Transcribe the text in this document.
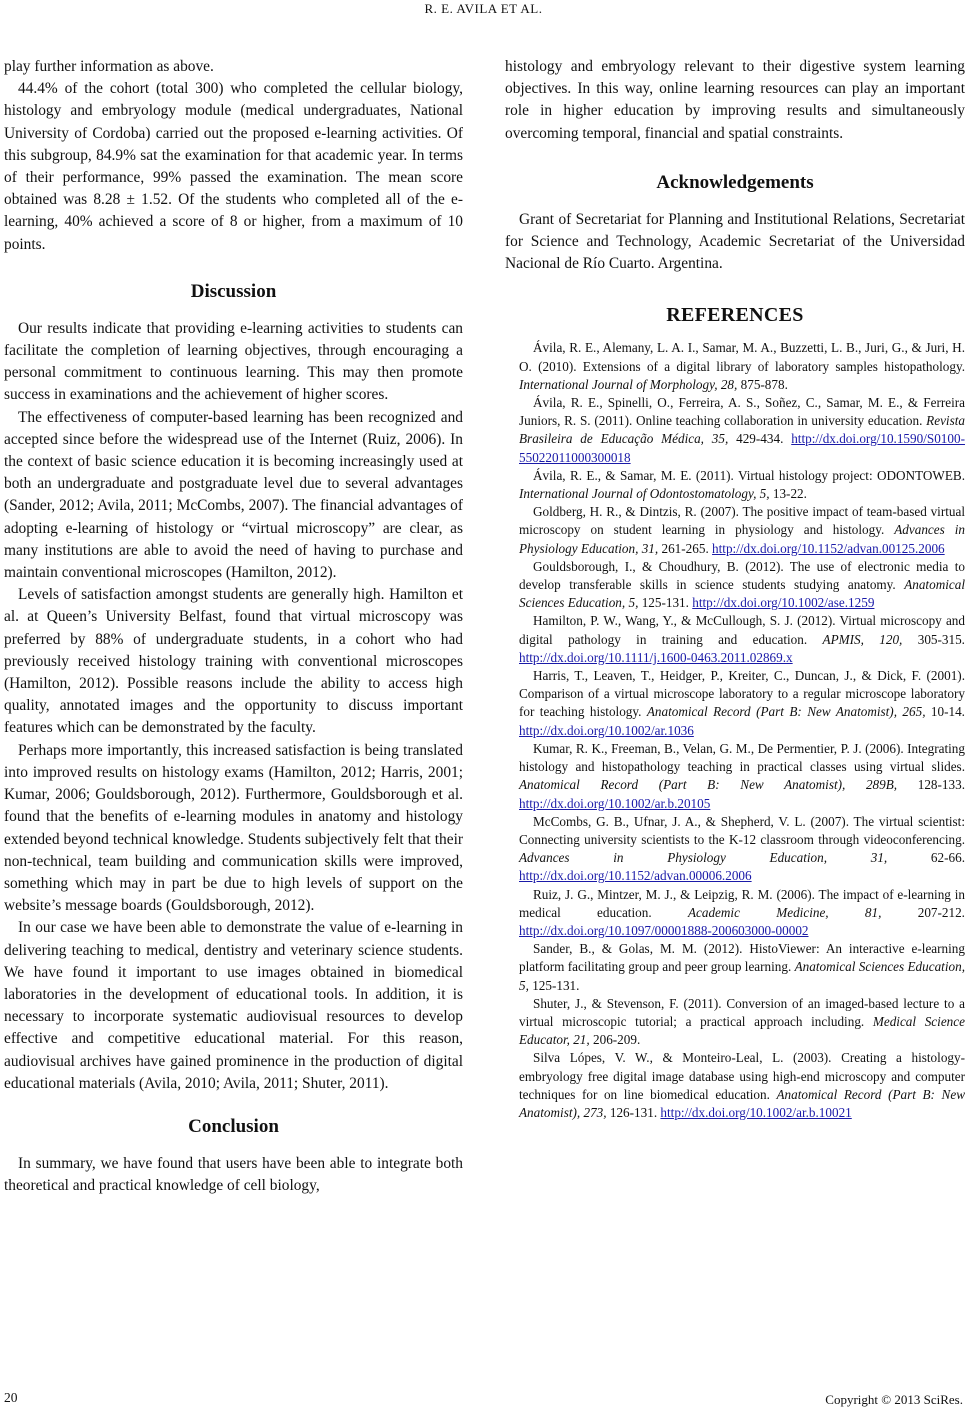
R. E. AVILA ET AL.

play further information as above.

44.4% of the cohort (total 300) who completed the cellular biology, histology and embryology module (medical undergraduates, National University of Cordoba) carried out the proposed e-learning activities. Of this subgroup, 84.9% sat the examination for that academic year. In terms of their performance, 99% passed the examination. The mean score obtained was 8.28 ± 1.52. Of the students who completed all of the e-learning, 40% achieved a score of 8 or higher, from a maximum of 10 points.

Discussion

Our results indicate that providing e-learning activities to students can facilitate the completion of learning objectives, through encouraging a personal commitment to continuous learning. This may then promote success in examinations and the achievement of higher scores.

The effectiveness of computer-based learning has been recognized and accepted since before the widespread use of the Internet (Ruiz, 2006). In the context of basic science education it is becoming increasingly used at both an undergraduate and postgraduate level due to several advantages (Sander, 2012; Avila, 2011; McCombs, 2007). The financial advantages of adopting e-learning of histology or “virtual microscopy” are clear, as many institutions are able to avoid the need of having to purchase and maintain conventional microscopes (Hamilton, 2012).

Levels of satisfaction amongst students are generally high. Hamilton et al. at Queen’s University Belfast, found that virtual microscopy was preferred by 88% of undergraduate students, in a cohort who had previously received histology training with conventional microscopes (Hamilton, 2012). Possible reasons include the ability to access high quality, annotated images and the opportunity to discuss important features which can be demonstrated by the faculty.

Perhaps more importantly, this increased satisfaction is being translated into improved results on histology exams (Hamilton, 2012; Harris, 2001; Kumar, 2006; Gouldsborough, 2012). Furthermore, Gouldsborough et al. found that the benefits of e-learning modules in anatomy and histology extended beyond technical knowledge. Students subjectively felt that their non-technical, team building and communication skills were improved, something which may in part be due to high levels of support on the website’s message boards (Gouldsborough, 2012).

In our case we have been able to demonstrate the value of e-learning in delivering teaching to medical, dentistry and veterinary science students. We have found it important to use images obtained in biomedical laboratories in the development of educational tools. In addition, it is necessary to incorporate systematic audiovisual resources to develop effective and competitive educational material. For this reason, audiovisual archives have gained prominence in the production of digital educational materials (Avila, 2010; Avila, 2011; Shuter, 2011).

Conclusion

In summary, we have found that users have been able to integrate both theoretical and practical knowledge of cell biology,

histology and embryology relevant to their digestive system learning objectives. In this way, online learning resources can play an important role in higher education by improving results and simultaneously overcoming temporal, financial and spatial constraints.

Acknowledgements

Grant of Secretariat for Planning and Institutional Relations, Secretariat for Science and Technology, Academic Secretariat of the Universidad Nacional de Río Cuarto. Argentina.

REFERENCES

Ávila, R. E., Alemany, L. A. I., Samar, M. A., Buzzetti, L. B., Juri, G., & Juri, H. O. (2010). Extensions of a digital library of laboratory samples histopathology. International Journal of Morphology, 28, 875-878.

Ávila, R. E., Spinelli, O., Ferreira, A. S., Soñez, C., Samar, M. E., & Ferreira Juniors, R. S. (2011). Online teaching collaboration in university education. Revista Brasileira de Educação Médica, 35, 429-434. http://dx.doi.org/10.1590/S0100-55022011000300018

Ávila, R. E., & Samar, M. E. (2011). Virtual histology project: ODONTOWEB. International Journal of Odontostomatology, 5, 13-22.

Goldberg, H. R., & Dintzis, R. (2007). The positive impact of team-based virtual microscopy on student learning in physiology and histology. Advances in Physiology Education, 31, 261-265. http://dx.doi.org/10.1152/advan.00125.2006

Gouldsborough, I., & Choudhury, B. (2012). The use of electronic media to develop transferable skills in science students studying anatomy. Anatomical Sciences Education, 5, 125-131. http://dx.doi.org/10.1002/ase.1259

Hamilton, P. W., Wang, Y., & McCullough, S. J. (2012). Virtual microscopy and digital pathology in training and education. APMIS, 120, 305-315. http://dx.doi.org/10.1111/j.1600-0463.2011.02869.x

Harris, T., Leaven, T., Heidger, P., Kreiter, C., Duncan, J., & Dick, F. (2001). Comparison of a virtual microscope laboratory to a regular microscope laboratory for teaching histology. Anatomical Record (Part B: New Anatomist), 265, 10-14. http://dx.doi.org/10.1002/ar.1036

Kumar, R. K., Freeman, B., Velan, G. M., De Permentier, P. J. (2006). Integrating histology and histopathology teaching in practical classes using virtual slides. Anatomical Record (Part B: New Anatomist), 289B, 128-133. http://dx.doi.org/10.1002/ar.b.20105

McCombs, G. B., Ufnar, J. A., & Shepherd, V. L. (2007). The virtual scientist: Connecting university scientists to the K-12 classroom through videoconferencing. Advances in Physiology Education, 31, 62-66. http://dx.doi.org/10.1152/advan.00006.2006

Ruiz, J. G., Mintzer, M. J., & Leipzig, R. M. (2006). The impact of e-learning in medical education. Academic Medicine, 81, 207-212. http://dx.doi.org/10.1097/00001888-200603000-00002

Sander, B., & Golas, M. M. (2012). HistoViewer: An interactive e-learning platform facilitating group and peer group learning. Anatomical Sciences Education, 5, 125-131.

Shuter, J., & Stevenson, F. (2011). Conversion of an imaged-based lecture to a virtual microscopic tutorial; a practical approach including. Medical Science Educator, 21, 206-209.

Silva Lópes, V. W., & Monteiro-Leal, L. (2003). Creating a histology-embryology free digital image database using high-end microscopy and computer techniques for on line biomedical education. Anatomical Record (Part B: New Anatomist), 273, 126-131. http://dx.doi.org/10.1002/ar.b.10021

20	Copyright © 2013 SciRes.
